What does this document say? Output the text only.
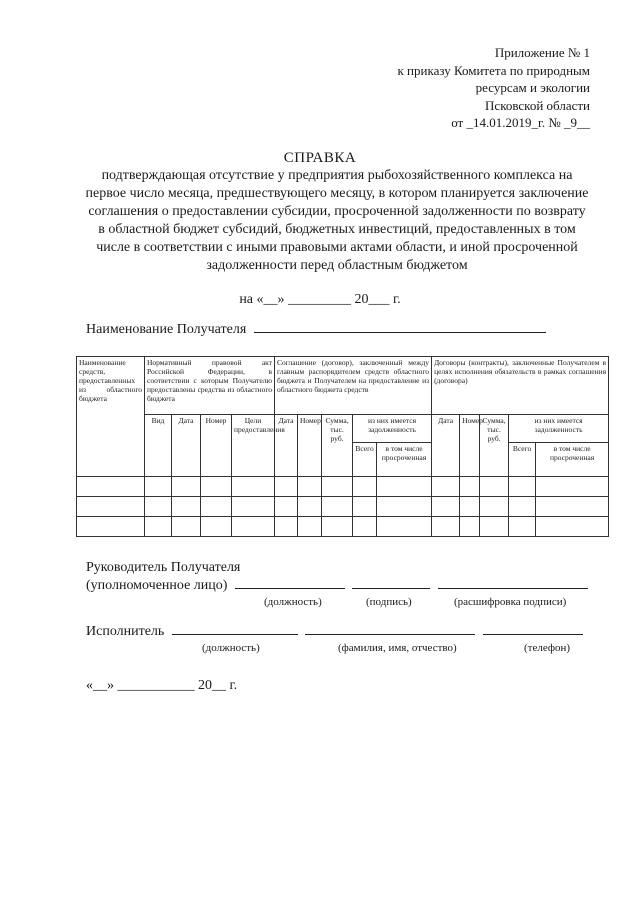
Приложение № 1
к приказу Комитета по природным
ресурсам и экологии
Псковской области
от _14.01.2019_г. № _9__
СПРАВКА
подтверждающая отсутствие у предприятия рыбохозяйственного комплекса на первое число месяца, предшествующего месяцу, в котором планируется заключение соглашения о предоставлении субсидии, просроченной задолженности по возврату в областной бюджет субсидий, бюджетных инвестиций, предоставленных в том числе в соответствии с иными правовыми актами области, и иной просроченной задолженности перед областным бюджетом
на «__» _________ 20___ г.
Наименование Получателя
Наименование средств, предоставленных из областного бюджета	Нормативный правовой акт Российской Федерации, в соответствии с которым Получателю предоставлены средства из областного бюджета				Соглашение (договор), заключенный между главным распорядителем средств областного бюджета и Получателем на предоставление из областного бюджета средств					Договоры (контракты), заключенные Получателем в целях исполнения обязательств в рамках соглашения (договора)				
	Вид	Дата	Номер	Цели предоставления	Дата	Номер	Сумма, тыс. руб.	из них имеется задолженность		Дата	Номер	Сумма, тыс. руб.	из них имеется задолженность	
								Всего	в том числе просроченная				Всего	в том числе просроченная

Руководитель Получателя
(уполномоченное лицо)
(должность)	(подпись)	(расшифровка подписи)
Исполнитель
(должность)	(фамилия, имя, отчество)	(телефон)
«__» ___________ 20__ г.
